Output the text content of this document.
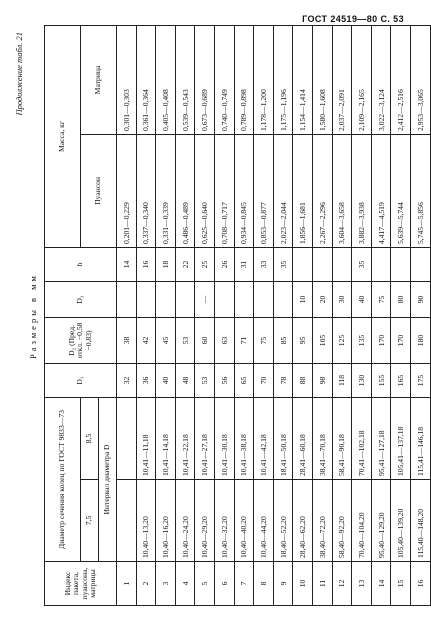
ГОСТ 24519—80 С. 53
Продолжение табл. 21
Размеры в мм
Индекс пакета, пуансона, матрицы	Диаметр сечения колец по ГОСТ 9833—73		D₁	D₂ (Пред. откл. −0,58 −0,83)	D₃	h	Масса, кг	
	7,5	8,5					Пуансон	Матрица
	Интервал диаметра D							
1			32	38		14	0,201—0,229	0,301—0,303
2	10,40—13,20	10,41—11,18	36	42		16	0,337—0,340	0,361—0,364
3	10,40—16,20	10,41—14,18	40	45		18	0,331—0,339	0,405—0,408
4	10,40—24,20	10,41—22,18	48	53		22	0,486—0,489	0,539—0,543
5	10,40—29,20	10,41—27,18	53	60	—	25	0,625—0,640	0,673—0,689
6	10,40—32,20	10,41—30,18	56	63		26	0,708—0,717	0,740—0,749
7	10,40—40,20	10,41—38,18	65	71		31	0,934—0,845	0,789—0,898
8	10,40—44,20	10,41—42,18	70	75		33	0,853—0,877	1,178—1,200
9	18,40—52,20	18,41—50,18	78	85		35	2,023—2,044	1,175—1,196
10	28,40—62,20	28,41—60,18	88	95	10		1,856—1,681	1,154—1,414
11	38,40—72,20	38,41—70,18	98	105	20		2,267—2,296	1,580—1,608
12	58,40—92,20	58,41—90,18	118	125	30		3,604—3,658	2,037—2,091
13	70,40—104,20	70,41—102,18	130	135	40	35	3,882—3,938	2,109—2,165
14	95,40—129,20	95,41—127,18	155	170	75		4,417—4,519	3,022—3,124
15	105,40—139,20	105,41—137,18	165	170	80		5,639—5,744	2,412—2,516
16	115,40—148,20	115,41—146,18	175	180	90		5,745—5,856	2,953—3,065
